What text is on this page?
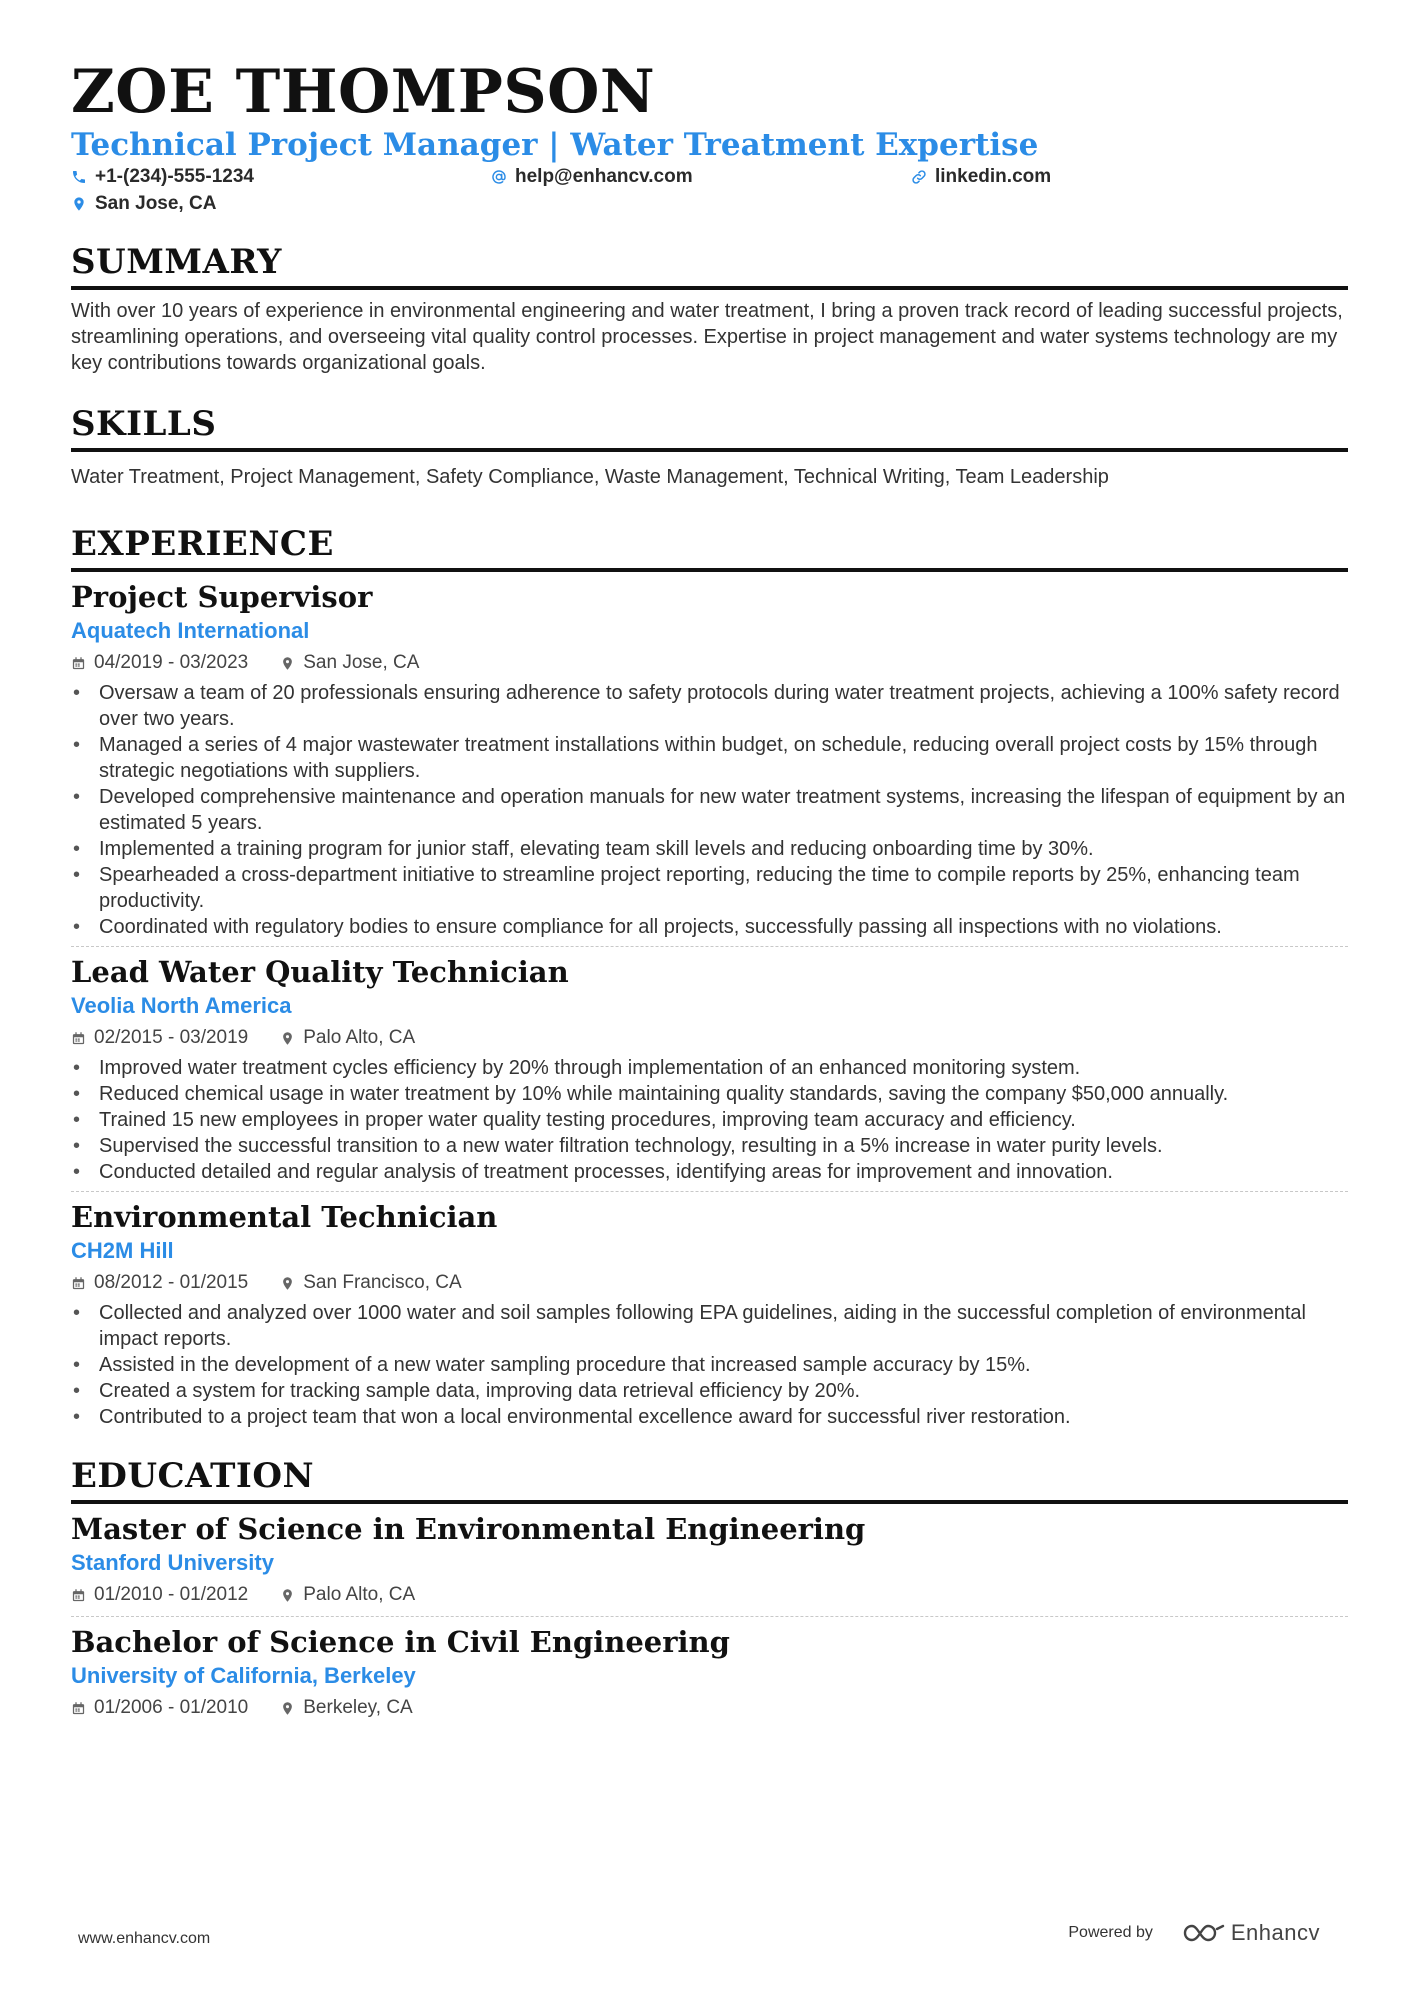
ZOE THOMPSON
Technical Project Manager | Water Treatment Expertise
+1-(234)-555-1234	help@enhancv.com	linkedin.com
San Jose, CA
SUMMARY

With over 10 years of experience in environmental engineering and water treatment, I bring a proven track record of leading successful projects, streamlining operations, and overseeing vital quality control processes. Expertise in project management and water systems technology are my key contributions towards organizational goals.

SKILLS

Water Treatment, Project Management, Safety Compliance, Waste Management, Technical Writing, Team Leadership

EXPERIENCE
Project Supervisor
Aquatech International
04/2019 - 03/2023	San Jose, CA
• Oversaw a team of 20 professionals ensuring adherence to safety protocols during water treatment projects, achieving a 100% safety record over two years.
• Managed a series of 4 major wastewater treatment installations within budget, on schedule, reducing overall project costs by 15% through strategic negotiations with suppliers.
• Developed comprehensive maintenance and operation manuals for new water treatment systems, increasing the lifespan of equipment by an estimated 5 years.
• Implemented a training program for junior staff, elevating team skill levels and reducing onboarding time by 30%.
• Spearheaded a cross-department initiative to streamline project reporting, reducing the time to compile reports by 25%, enhancing team productivity.
• Coordinated with regulatory bodies to ensure compliance for all projects, successfully passing all inspections with no violations.
Lead Water Quality Technician
Veolia North America
02/2015 - 03/2019	Palo Alto, CA
• Improved water treatment cycles efficiency by 20% through implementation of an enhanced monitoring system.
• Reduced chemical usage in water treatment by 10% while maintaining quality standards, saving the company $50,000 annually.
• Trained 15 new employees in proper water quality testing procedures, improving team accuracy and efficiency.
• Supervised the successful transition to a new water filtration technology, resulting in a 5% increase in water purity levels.
• Conducted detailed and regular analysis of treatment processes, identifying areas for improvement and innovation.
Environmental Technician
CH2M Hill
08/2012 - 01/2015	San Francisco, CA
• Collected and analyzed over 1000 water and soil samples following EPA guidelines, aiding in the successful completion of environmental impact reports.
• Assisted in the development of a new water sampling procedure that increased sample accuracy by 15%.
• Created a system for tracking sample data, improving data retrieval efficiency by 20%.
• Contributed to a project team that won a local environmental excellence award for successful river restoration.
EDUCATION
Master of Science in Environmental Engineering
Stanford University
01/2010 - 01/2012	Palo Alto, CA
Bachelor of Science in Civil Engineering
University of California, Berkeley
01/2006 - 01/2010	Berkeley, CA
www.enhancv.com	Powered by	Enhancv
